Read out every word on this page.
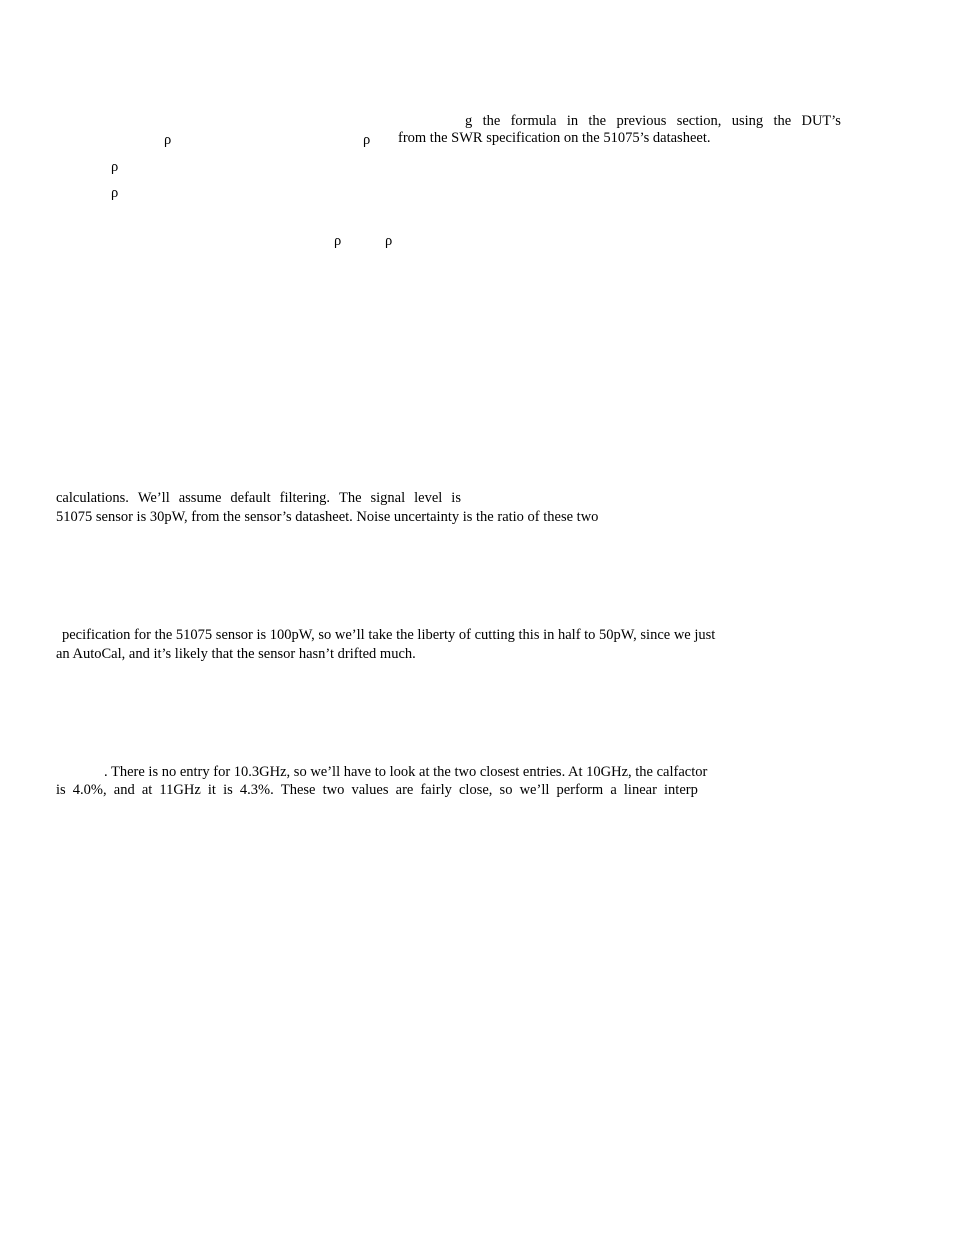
g the formula in the previous section, using the DUT’s
ρ	ρ from the SWR specification on the 51075’s datasheet.
ρ
ρ
ρ	ρ
calculations. We’ll assume default filtering. The signal level is
51075 sensor is 30pW, from the sensor’s datasheet. Noise uncertainty is the ratio of these two
pecification for the 51075 sensor is 100pW, so we’ll take the liberty of cutting this in half to 50pW, since we just
an AutoCal, and it’s likely that the sensor hasn’t drifted much.
. There is no entry for 10.3GHz, so we’ll have to look at the two closest entries. At 10GHz, the calfactor
is 4.0%, and at 11GHz it is 4.3%. These two values are fairly close, so we’ll perform a linear interp
